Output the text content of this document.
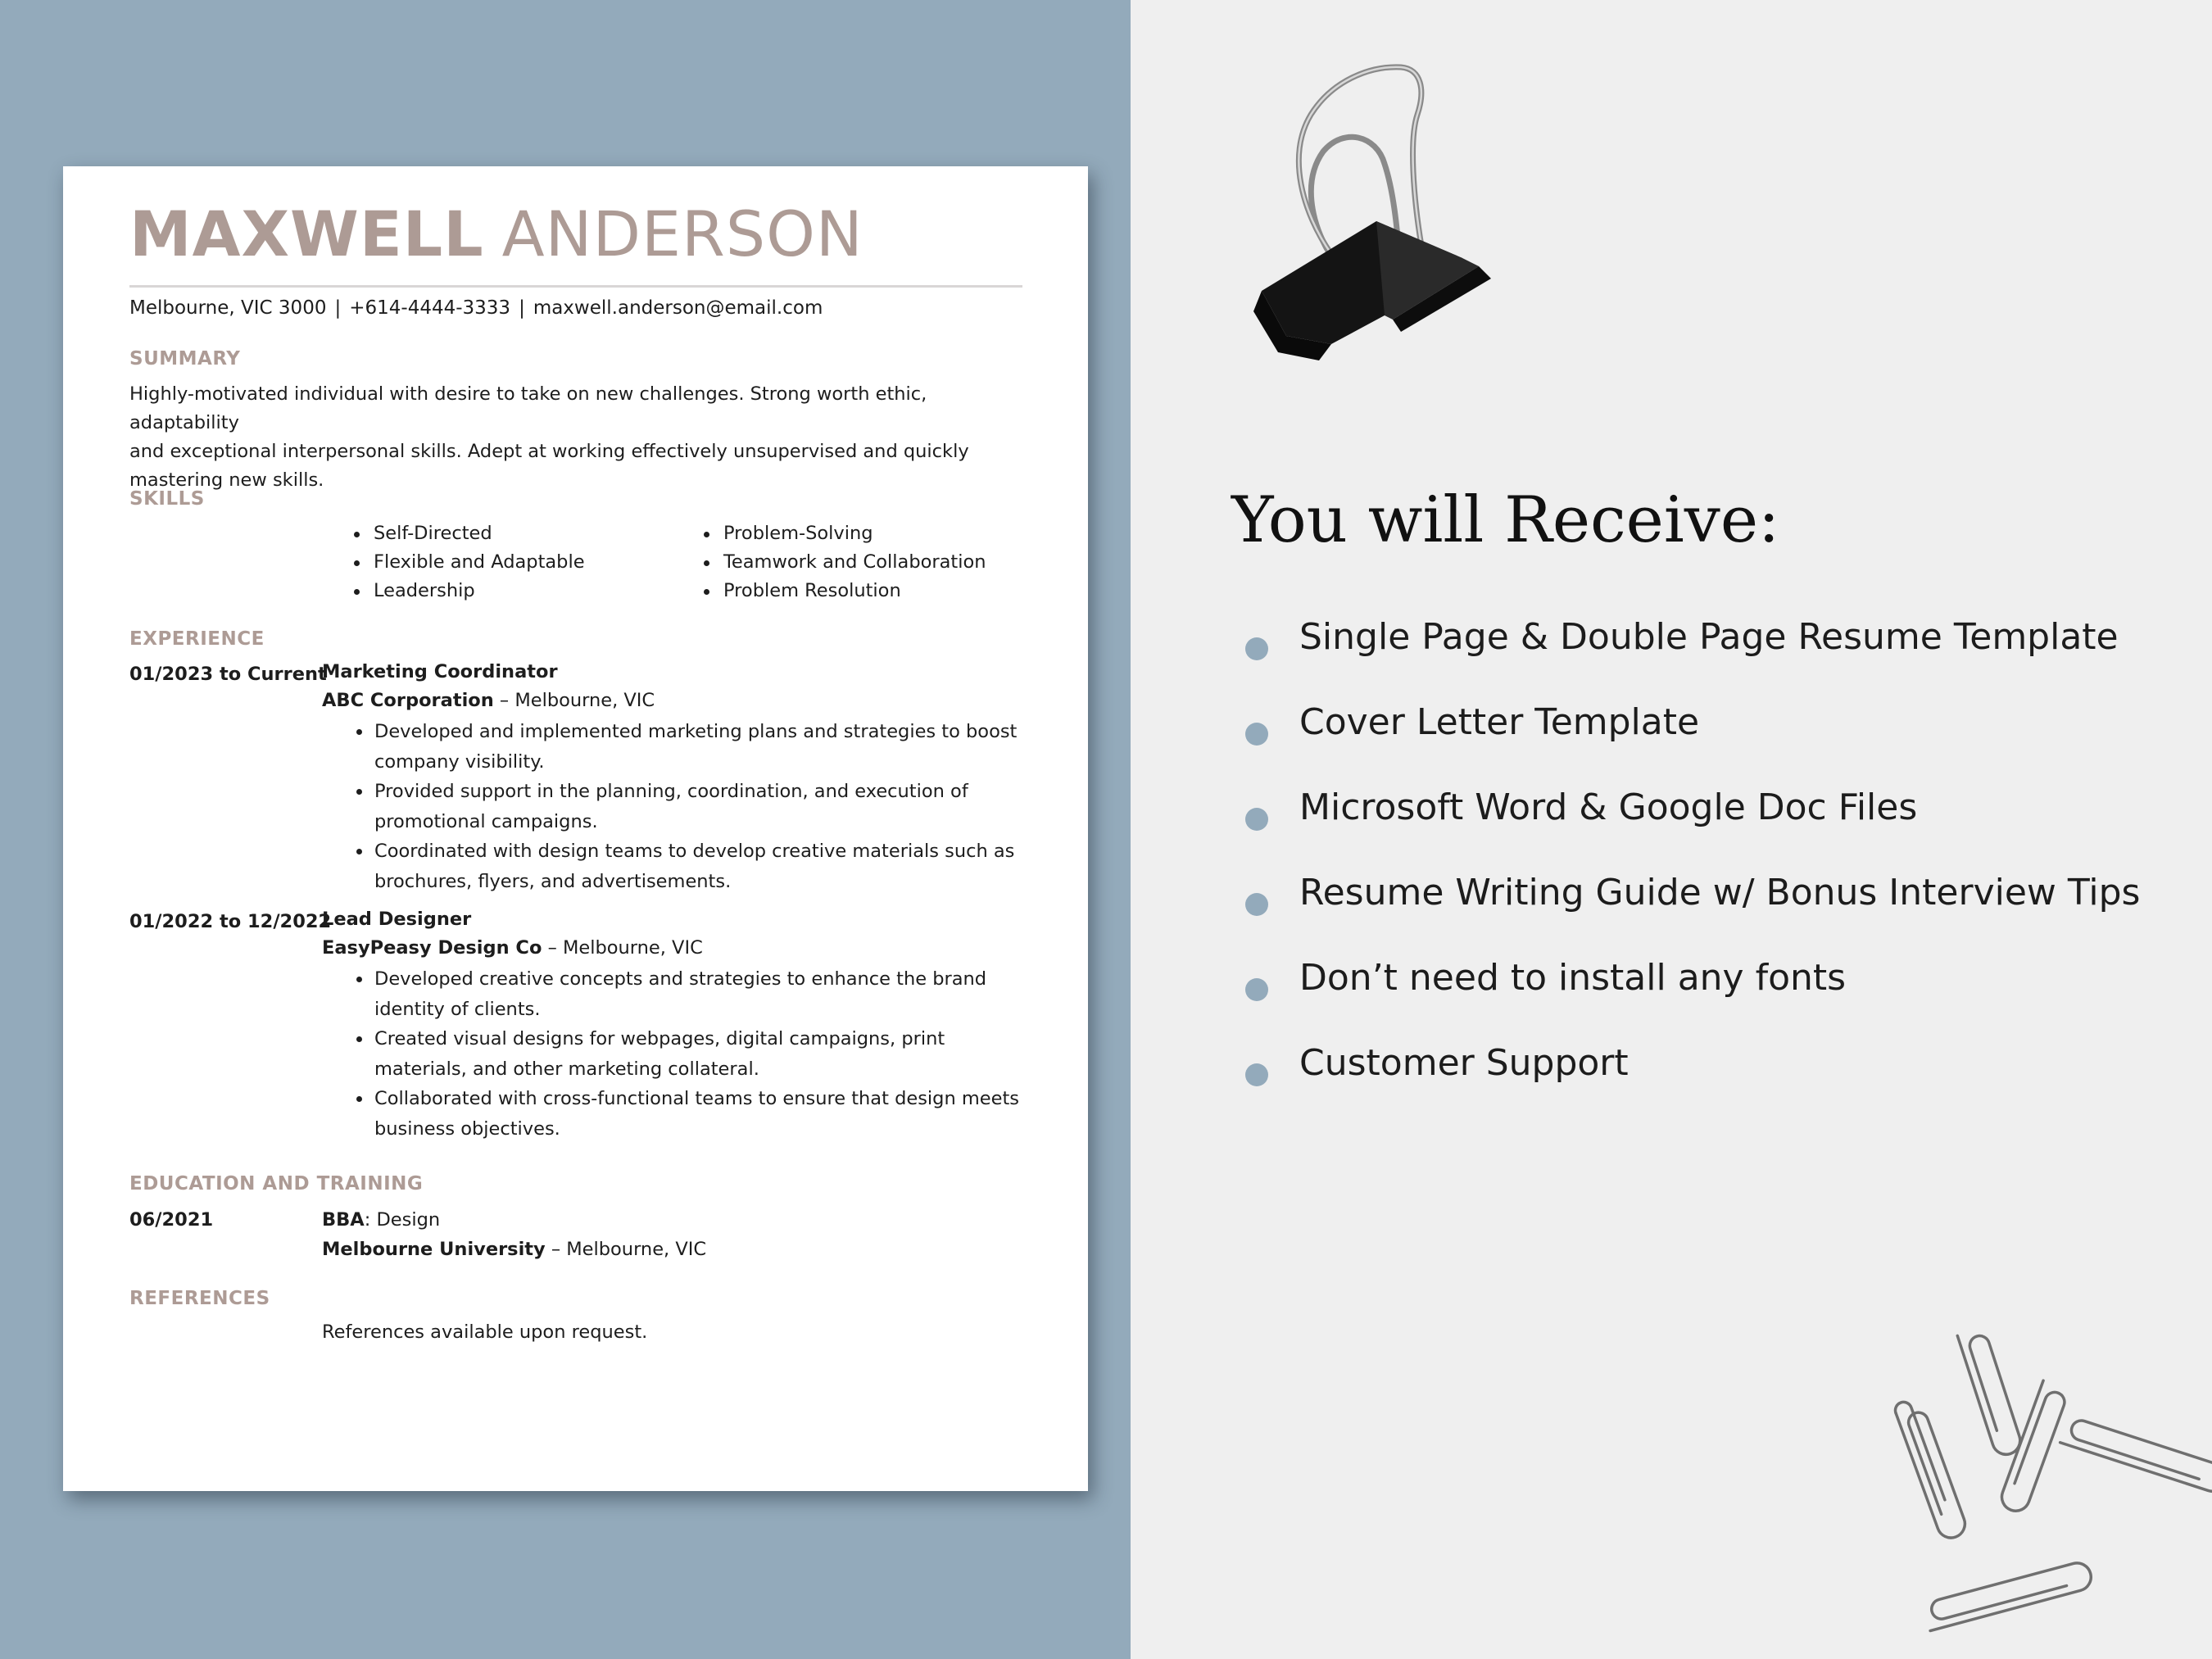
MAXWELL ANDERSON
Melbourne, VIC 3000 | +614-4444-3333 | maxwell.anderson@email.com
SUMMARY
Highly-motivated individual with desire to take on new challenges. Strong worth ethic, adaptability
and exceptional interpersonal skills. Adept at working effectively unsupervised and quickly
mastering new skills.
SKILLS
Self-Directed
Flexible and Adaptable
Leadership
Problem-Solving
Teamwork and Collaboration
Problem Resolution
EXPERIENCE
01/2023 to Current
Marketing Coordinator
ABC Corporation – Melbourne, VIC
Developed and implemented marketing plans and strategies to boost company visibility.
Provided support in the planning, coordination, and execution of promotional campaigns.
Coordinated with design teams to develop creative materials such as brochures, flyers, and advertisements.
01/2022 to 12/2022
Lead Designer
EasyPeasy Design Co – Melbourne, VIC
Developed creative concepts and strategies to enhance the brand identity of clients.
Created visual designs for webpages, digital campaigns, print materials, and other marketing collateral.
Collaborated with cross-functional teams to ensure that design meets business objectives.
EDUCATION AND TRAINING
06/2021	BBA: Design
Melbourne University – Melbourne, VIC
REFERENCES
References available upon request.
You will Receive:
Single Page & Double Page Resume Template
Cover Letter Template
Microsoft Word & Google Doc Files
Resume Writing Guide w/ Bonus Interview Tips
Don’t need to install any fonts
Customer Support
